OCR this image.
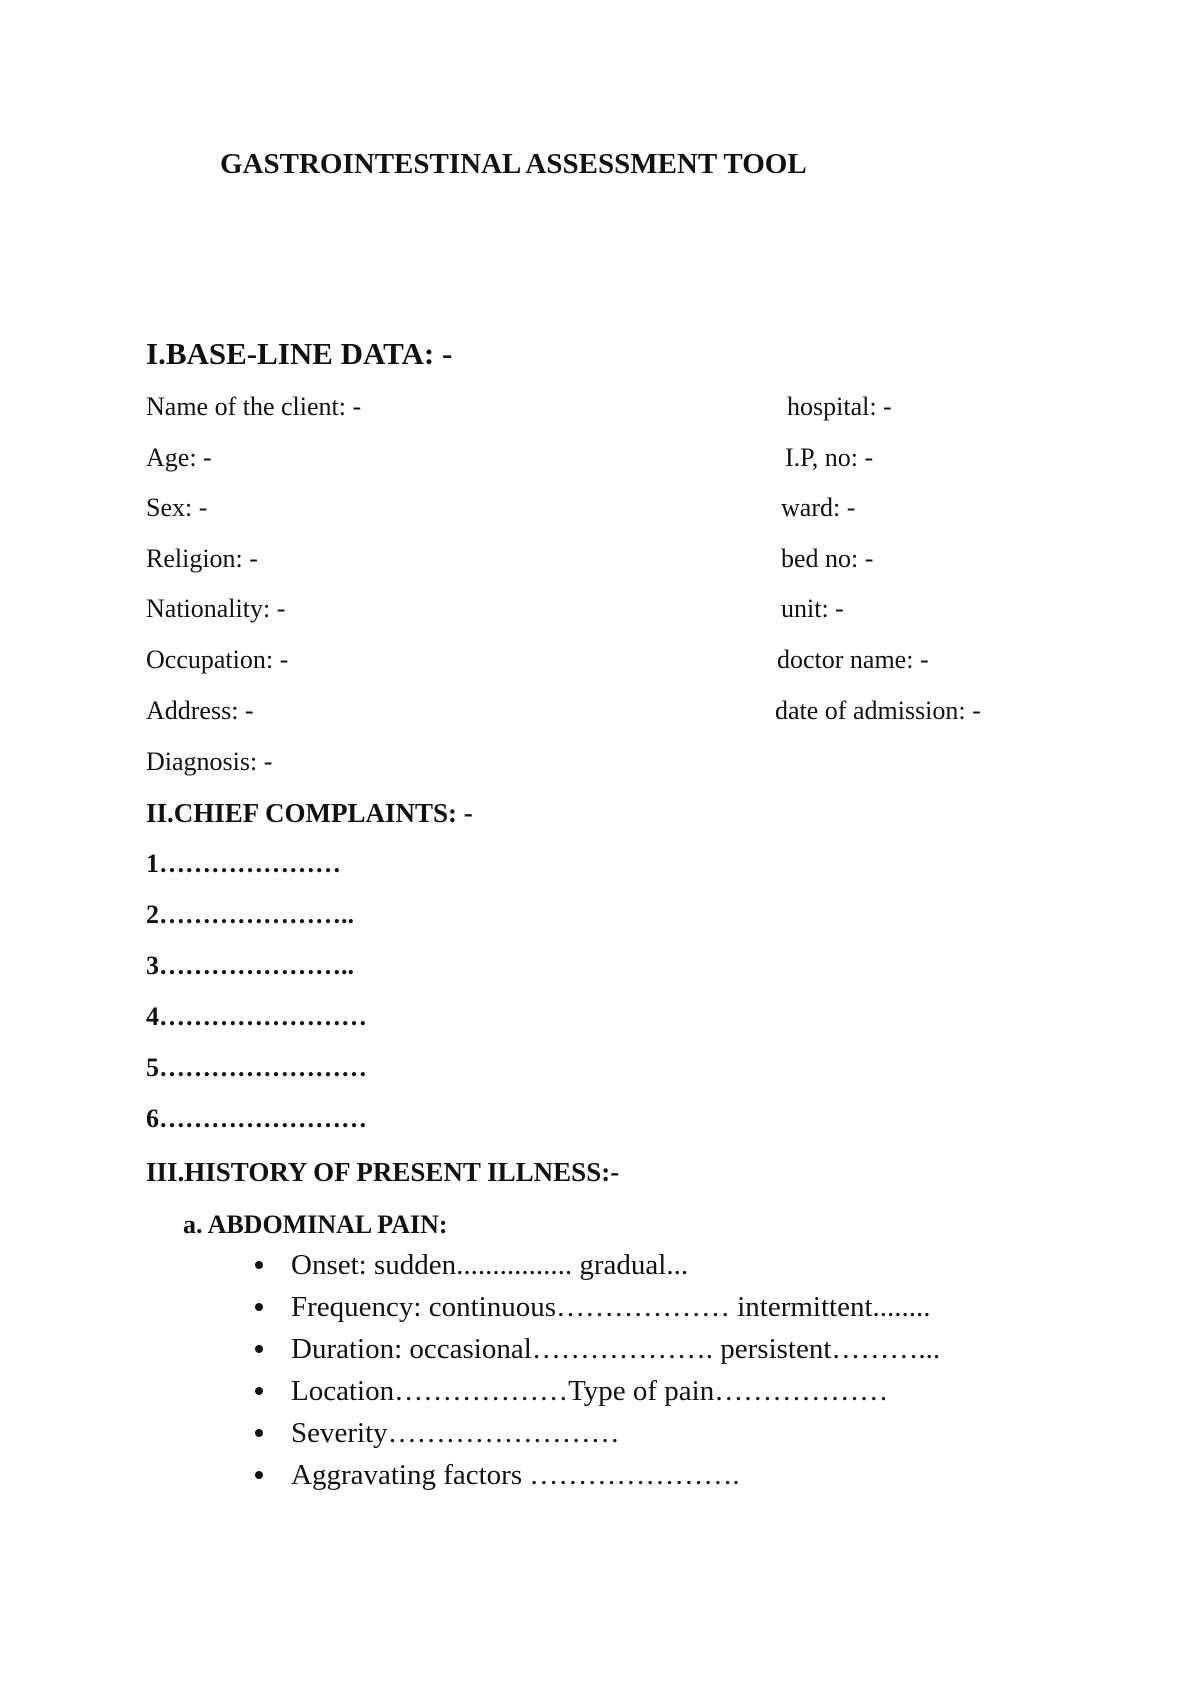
GASTROINTESTINAL ASSESSMENT TOOL
I.BASE-LINE DATA: -
Name of the client: -
Age: -
Sex: -
Religion: -
Nationality: -
Occupation: -
Address: -
Diagnosis: -
hospital: -
I.P, no: -
ward: -
bed no: -
unit: -
doctor name: -
date of admission: -
II.CHIEF COMPLAINTS: -
1…………………
2…………………..
3…………………..
4……………………
5……………………
6……………………
III.HISTORY OF PRESENT ILLNESS:-
a. ABDOMINAL PAIN:
Onset: sudden................ gradual...
Frequency: continuous……………… intermittent........
Duration: occasional………………. persistent………...
Location………………Type of pain………………
Severity……………………
Aggravating factors ………………….
